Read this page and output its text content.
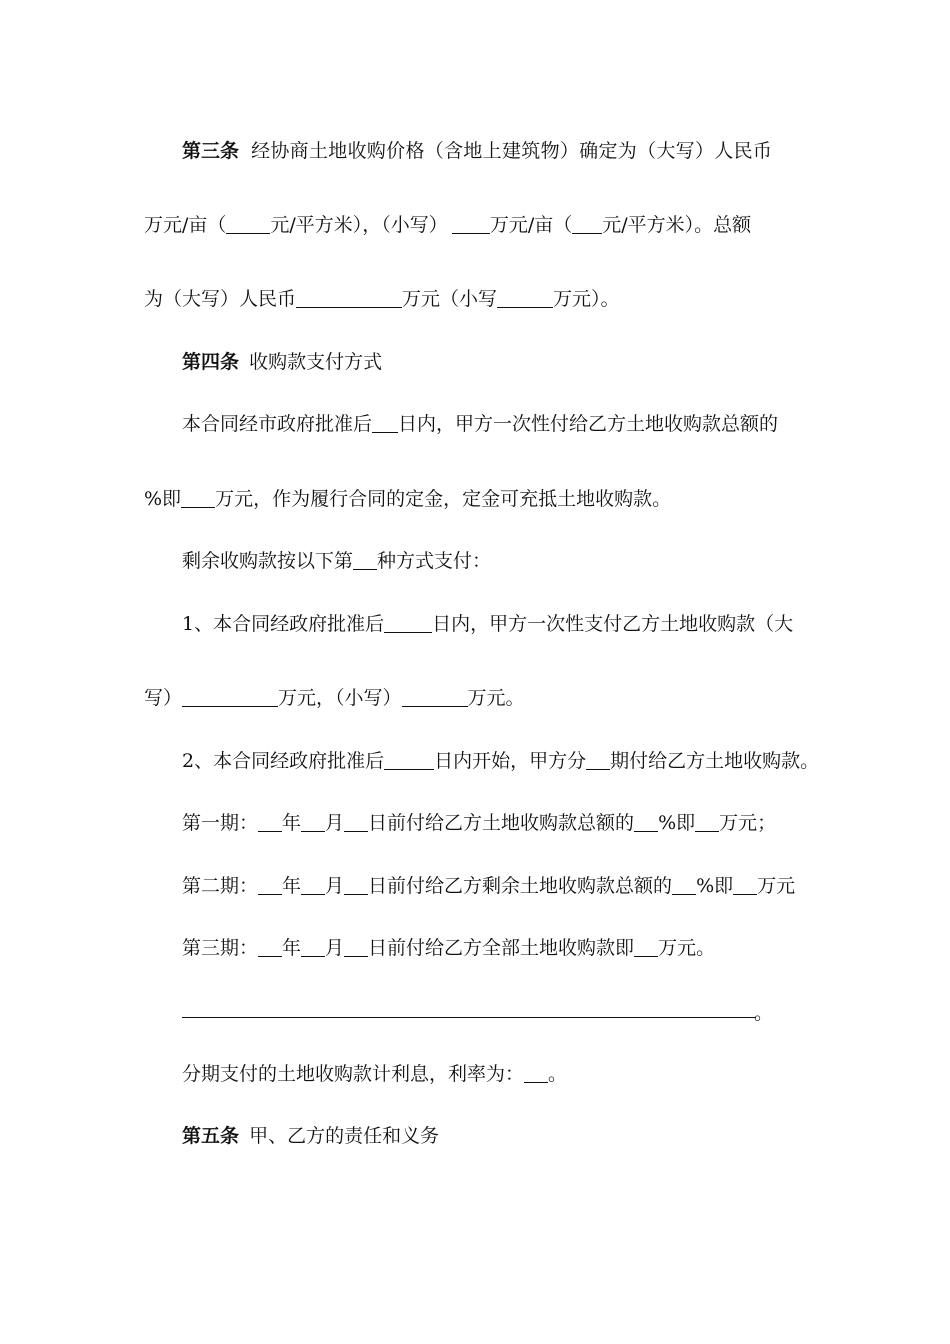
第三条 经协商土地收购价格（含地上建筑物）确定为（大写）人民币
万元/亩（ 元/平方米），（小写） 万元/亩（ 元/平方米）。总额
为（大写）人民币	万元（小写	万元）。
第四条 收购款支付方式
本合同经市政府批准后 日内，甲方一次性付给乙方土地收购款总额的
%即 万元，作为履行合同的定金，定金可充抵土地收购款。
剩余收购款按以下第 种方式支付：
1、本合同经政府批准后	日内，甲方一次性支付乙方土地收购款（大
写）	万元，（小写）	万元。
2、本合同经政府批准后	日内开始，甲方分 期付给乙方土地收购款。
第一期： 年 月 日前付给乙方土地收购款总额的 %即 万元；
第二期： 年 月 日前付给乙方剩余土地收购款总额的 %即 万元
第三期： 年 月 日前付给乙方全部土地收购款即 万元。
。
分期支付的土地收购款计利息，利率为： 。
第五条 甲、乙方的责任和义务
